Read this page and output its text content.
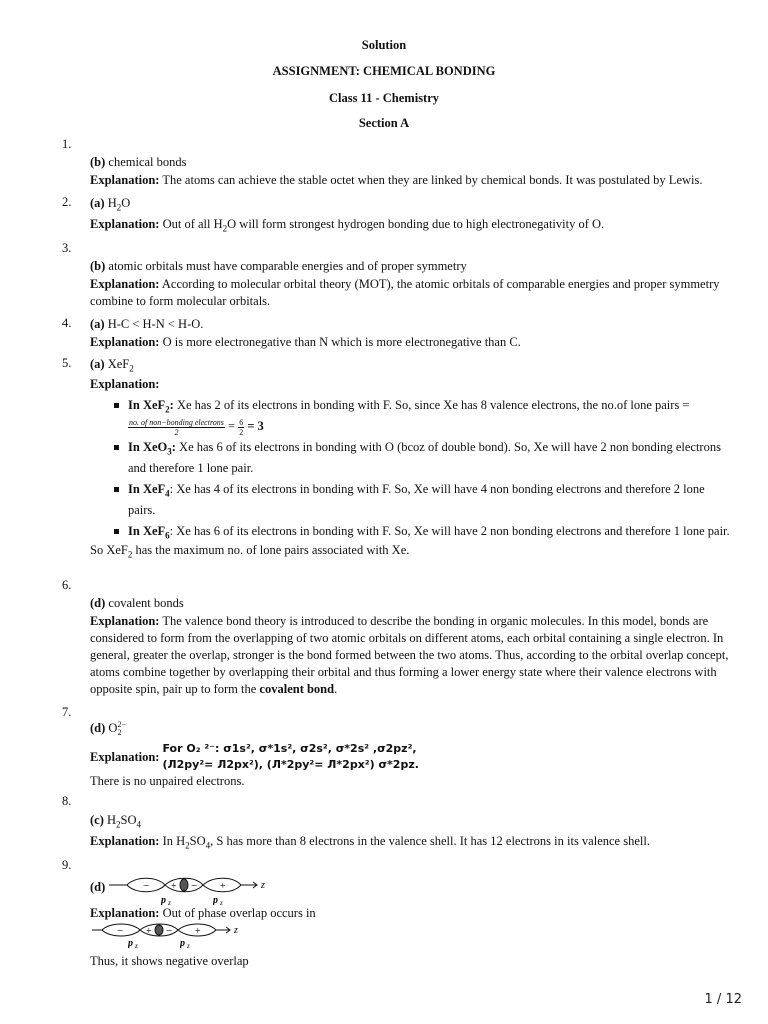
Solution
ASSIGNMENT: CHEMICAL BONDING
Class 11 - Chemistry
Section A
1.
(b) chemical bonds
Explanation: The atoms can achieve the stable octet when they are linked by chemical bonds. It was postulated by Lewis.
2. (a) $H_2O$
Explanation: Out of all $H_2O$ will form strongest hydrogen bonding due to high electronegativity of O.
3.
(b) atomic orbitals must have comparable energies and of proper symmetry
Explanation: According to molecular orbital theory (MOT), the atomic orbitals of comparable energies and proper symmetry combine to form molecular orbitals.
4. (a) H-C < H-N < H-O.
Explanation: O is more electronegative than N which is more electronegative than C.
5. (a) XeF$_2$
Explanation:
In XeF$_2$: Xe has 2 of its electrons in bonding with F. So, since Xe has 8 valence electrons, the no.of lone pairs =

$\frac{\text{no. of non−bonding electrons}}{2} = \frac{6}{2} = 3$
In XeO$_3$: Xe has 6 of its electrons in bonding with O (bcoz of double bond). So, Xe will have 2 non bonding electrons and therefore 1 lone pair.
In XeF$_4$: Xe has 4 of its electrons in bonding with F. So, Xe will have 4 non bonding electrons and therefore 2 lone pairs.
In XeF$_6$: Xe has 6 of its electrons in bonding with F. So, Xe will have 2 non bonding electrons and therefore 1 lone pair.
So XeF$_2$ has the maximum no. of lone pairs associated with Xe.
6.
(d) covalent bonds
Explanation: The valence bond theory is introduced to describe the bonding in organic molecules. In this model, bonds are considered to form from the overlapping of two atomic orbitals on different atoms, each orbital containing a single electron. In general, greater the overlap, stronger is the bond formed between the two atoms. Thus, according to the orbital overlap concept, atoms combine together by overlapping their orbital and thus forming a lower energy state where their valence electrons with opposite spin, pair up to form the covalent bond.
7.
(d) O 2−
2
Explanation:
For O₂ ²⁻: σ1s², σ*1s², σ2s², σ*2s² ,σ2pz²,
(Л2py²= Л2px²), (Л*2py²= Л*2px²) σ*2pz.
There is no unpaired electrons.
8.
(c) $H_2SO_4$
Explanation: In $H_2SO_4$, S has more than 8 electrons in the valence shell. It has 12 electrons in its valence shell.
9.
(d)	− + − +	z
p z	p z
Explanation: Out of phase overlap occurs in
− + − +	z
p z	p z
Thus, it shows negative overlap
1 / 12
